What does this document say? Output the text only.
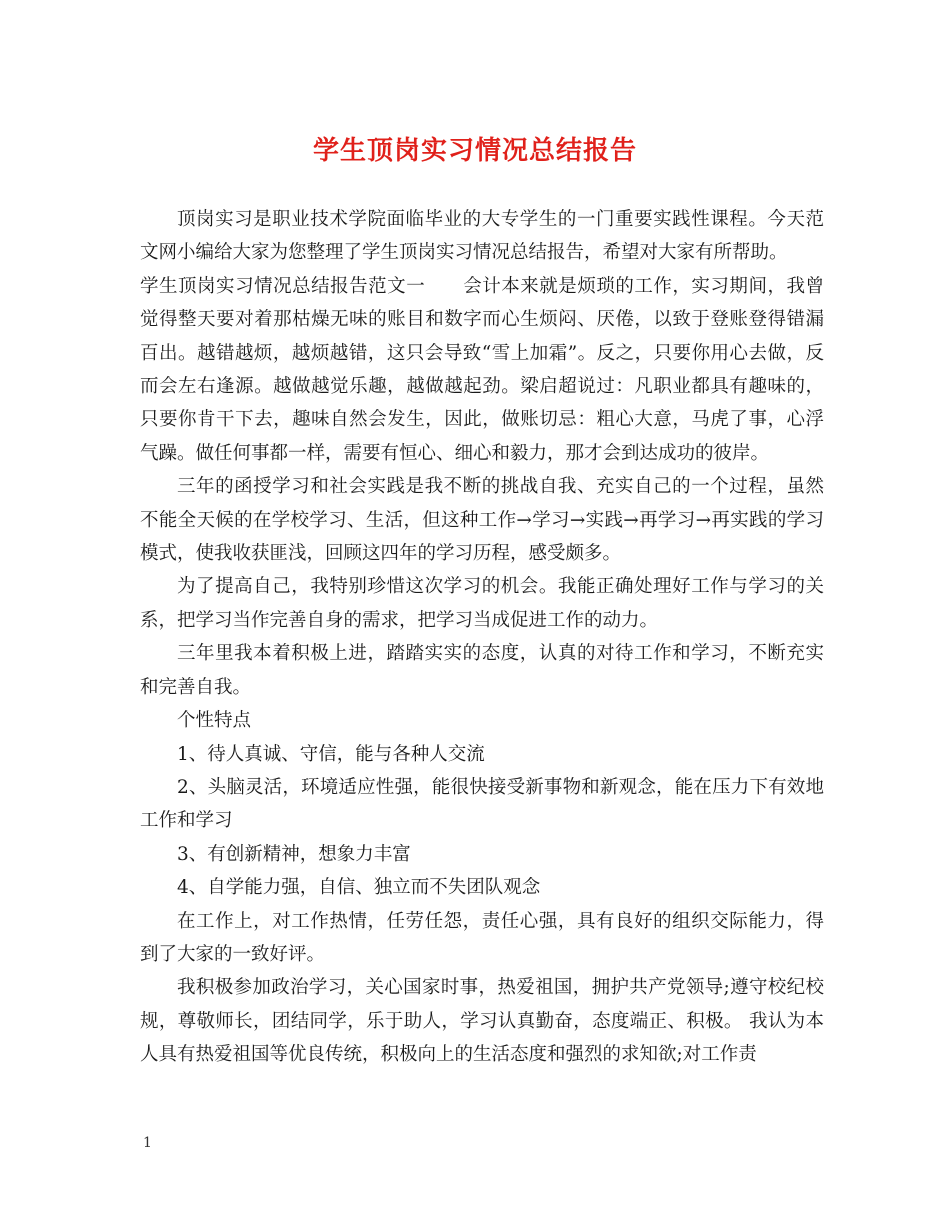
学生顶岗实习情况总结报告

顶岗实习是职业技术学院面临毕业的大专学生的一门重要实践性课程。今天范文网小编给大家为您整理了学生顶岗实习情况总结报告，希望对大家有所帮助。

学生顶岗实习情况总结报告范文一　　会计本来就是烦琐的工作，实习期间，我曾觉得整天要对着那枯燥无味的账目和数字而心生烦闷、厌倦，以致于登账登得错漏百出。越错越烦，越烦越错，这只会导致“雪上加霜”。反之，只要你用心去做，反而会左右逢源。越做越觉乐趣，越做越起劲。梁启超说过：凡职业都具有趣味的，只要你肯干下去，趣味自然会发生，因此，做账切忌：粗心大意，马虎了事，心浮气躁。做任何事都一样，需要有恒心、细心和毅力，那才会到达成功的彼岸。

三年的函授学习和社会实践是我不断的挑战自我、充实自己的一个过程，虽然不能全天候的在学校学习、生活，但这种工作→学习→实践→再学习→再实践的学习模式，使我收获匪浅，回顾这四年的学习历程，感受颇多。

为了提高自己，我特别珍惜这次学习的机会。我能正确处理好工作与学习的关系，把学习当作完善自身的需求，把学习当成促进工作的动力。

三年里我本着积极上进，踏踏实实的态度，认真的对待工作和学习，不断充实和完善自我。

个性特点

1、待人真诚、守信，能与各种人交流

2、头脑灵活，环境适应性强，能很快接受新事物和新观念，能在压力下有效地工作和学习

3、有创新精神，想象力丰富

4、自学能力强，自信、独立而不失团队观念

在工作上，对工作热情，任劳任怨，责任心强，具有良好的组织交际能力，得到了大家的一致好评。

我积极参加政治学习，关心国家时事，热爱祖国，拥护共产党领导;遵守校纪校规，尊敬师长，团结同学，乐于助人，学习认真勤奋，态度端正、积极。 我认为本人具有热爱祖国等优良传统，积极向上的生活态度和强烈的求知欲;对工作责

1
